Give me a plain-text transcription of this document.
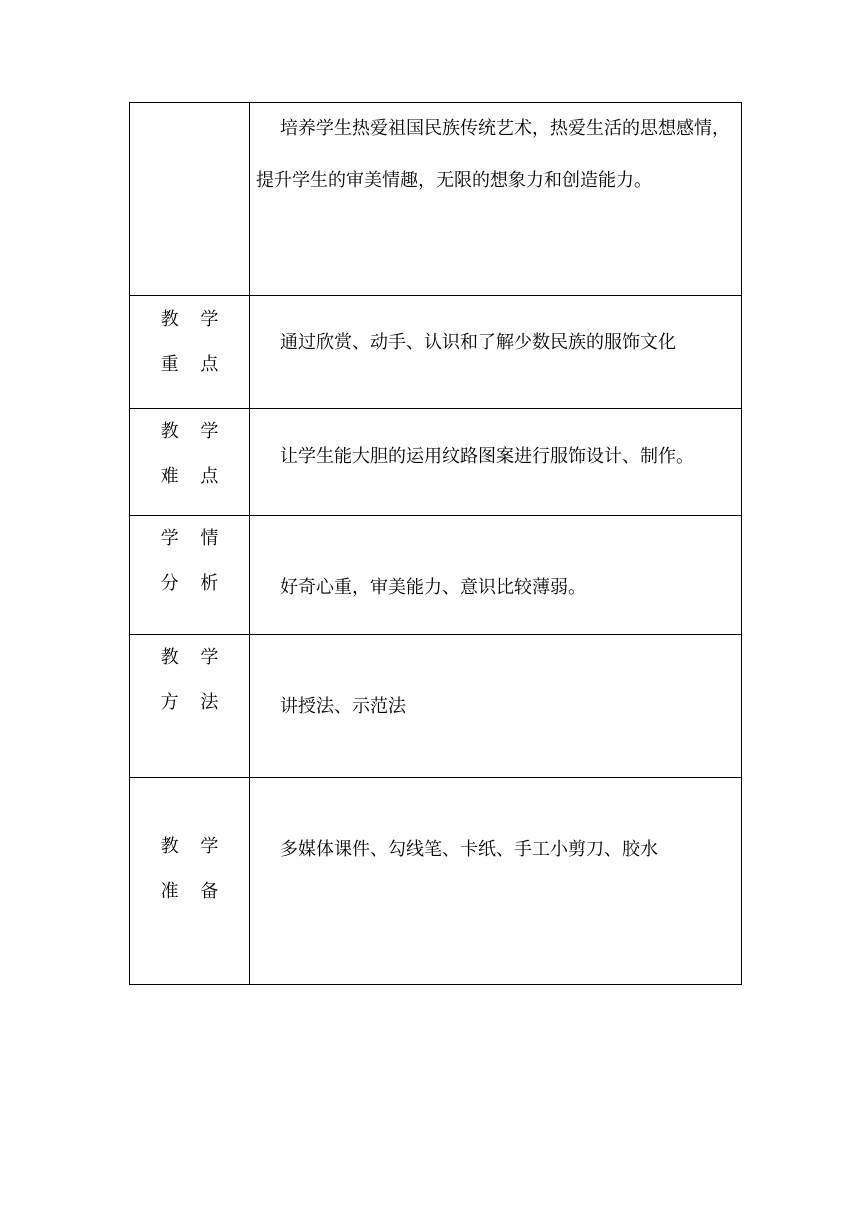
	培养学生热爱祖国民族传统艺术，热爱生活的思想感情，提升学生的审美情趣，无限的想象力和创造能力。

教 学
重 点	通过欣赏、动手、认识和了解少数民族的服饰文化

教 学
难 点	让学生能大胆的运用纹路图案进行服饰设计、制作。

学 情
分 析	好奇心重，审美能力、意识比较薄弱。

教 学
方 法	讲授法、示范法

教 学
准 备	多媒体课件、勾线笔、卡纸、手工小剪刀、胶水
